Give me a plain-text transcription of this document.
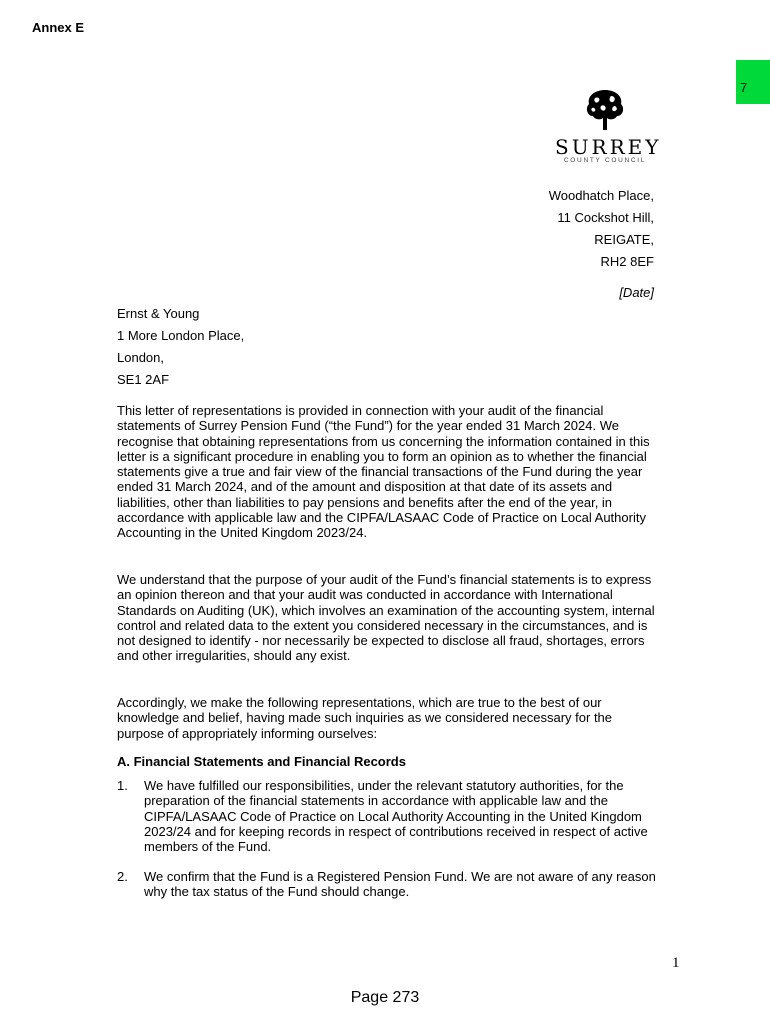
Annex E
7
SURREY
COUNTY COUNCIL
Woodhatch Place,
11 Cockshot Hill,
REIGATE,
RH2 8EF
[Date]
Ernst & Young
1 More London Place,
London,
SE1 2AF
This letter of representations is provided in connection with your audit of the financial statements of Surrey Pension Fund (“the Fund”) for the year ended 31 March 2024. We recognise that obtaining representations from us concerning the information contained in this letter is a significant procedure in enabling you to form an opinion as to whether the financial statements give a true and fair view of the financial transactions of the Fund during the year ended 31 March 2024, and of the amount and disposition at that date of its assets and liabilities, other than liabilities to pay pensions and benefits after the end of the year, in accordance with applicable law and the CIPFA/LASAAC Code of Practice on Local Authority Accounting in the United Kingdom 2023/24.
We understand that the purpose of your audit of the Fund’s financial statements is to express an opinion thereon and that your audit was conducted in accordance with International Standards on Auditing (UK), which involves an examination of the accounting system, internal control and related data to the extent you considered necessary in the circumstances, and is not designed to identify - nor necessarily be expected to disclose all fraud, shortages, errors and other irregularities, should any exist.
Accordingly, we make the following representations, which are true to the best of our knowledge and belief, having made such inquiries as we considered necessary for the purpose of appropriately informing ourselves:
A. Financial Statements and Financial Records
1. We have fulfilled our responsibilities, under the relevant statutory authorities, for the preparation of the financial statements in accordance with applicable law and the CIPFA/LASAAC Code of Practice on Local Authority Accounting in the United Kingdom 2023/24 and for keeping records in respect of contributions received in respect of active members of the Fund.
2. We confirm that the Fund is a Registered Pension Fund. We are not aware of any reason why the tax status of the Fund should change.
1
Page 273
